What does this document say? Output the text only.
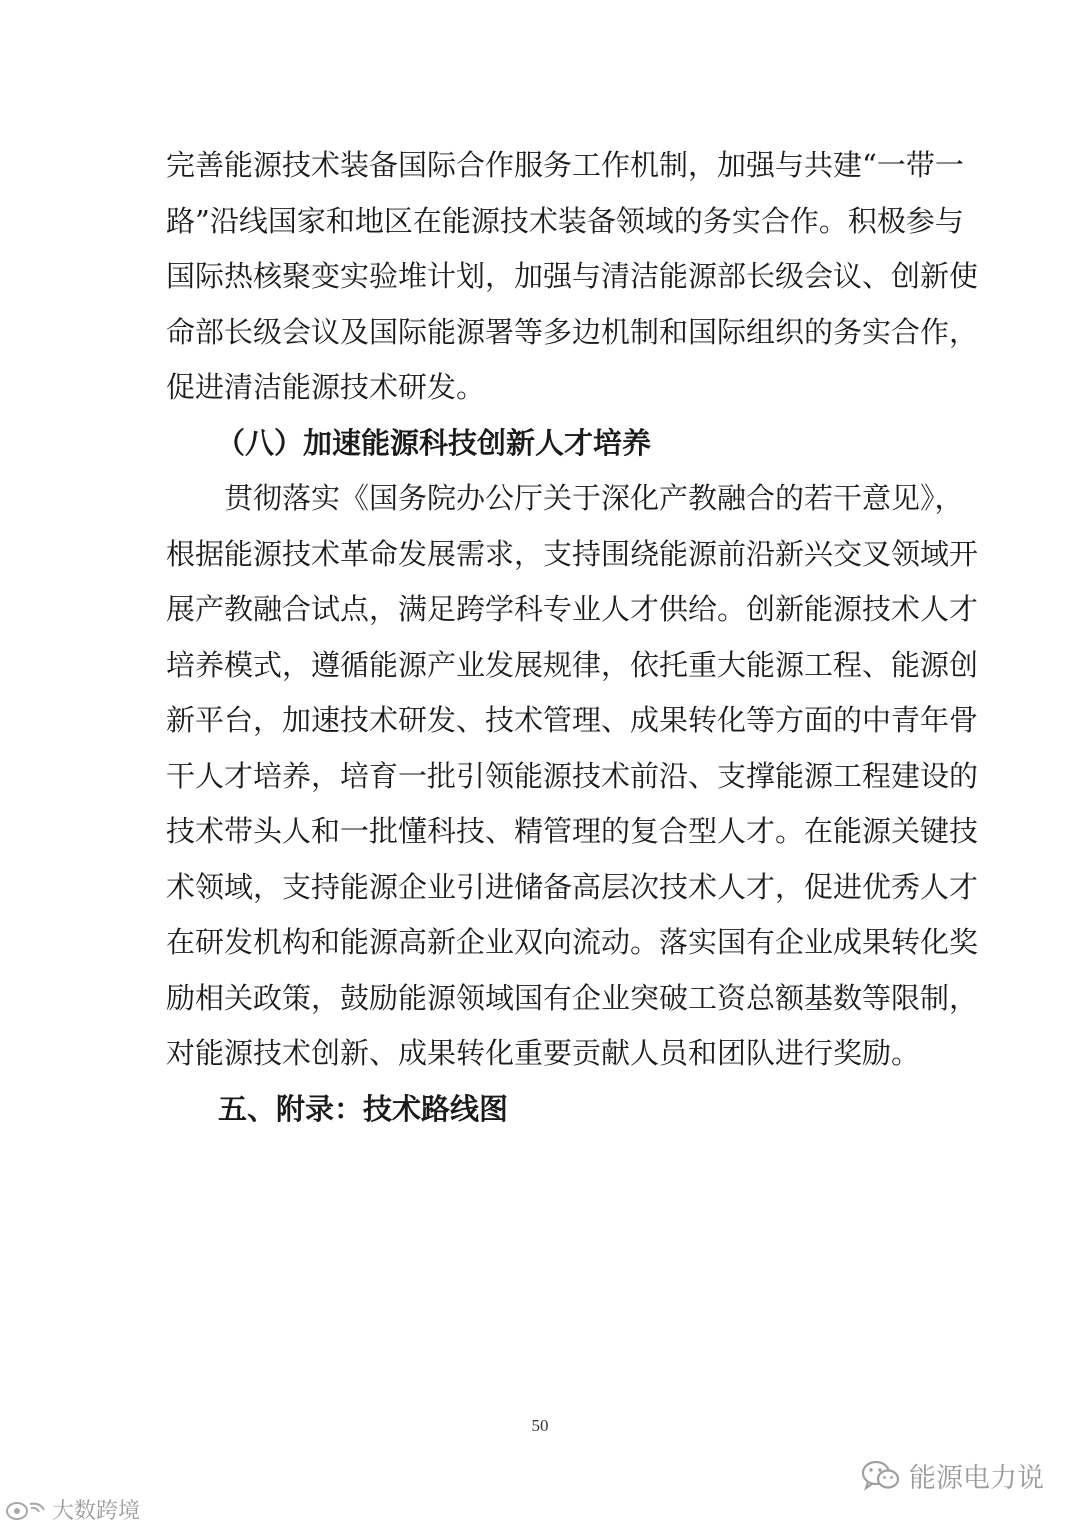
完善能源技术装备国际合作服务工作机制，加强与共建“一带一
路”沿线国家和地区在能源技术装备领域的务实合作。积极参与
国际热核聚变实验堆计划，加强与清洁能源部长级会议、创新使
命部长级会议及国际能源署等多边机制和国际组织的务实合作，
促进清洁能源技术研发。
（八）加速能源科技创新人才培养
贯彻落实《国务院办公厅关于深化产教融合的若干意见》，
根据能源技术革命发展需求，支持围绕能源前沿新兴交叉领域开
展产教融合试点，满足跨学科专业人才供给。创新能源技术人才
培养模式，遵循能源产业发展规律，依托重大能源工程、能源创
新平台，加速技术研发、技术管理、成果转化等方面的中青年骨
干人才培养，培育一批引领能源技术前沿、支撑能源工程建设的
技术带头人和一批懂科技、精管理的复合型人才。在能源关键技
术领域，支持能源企业引进储备高层次技术人才，促进优秀人才
在研发机构和能源高新企业双向流动。落实国有企业成果转化奖
励相关政策，鼓励能源领域国有企业突破工资总额基数等限制，
对能源技术创新、成果转化重要贡献人员和团队进行奖励。
五、附录：技术路线图
50
能源电力说
大数跨境
